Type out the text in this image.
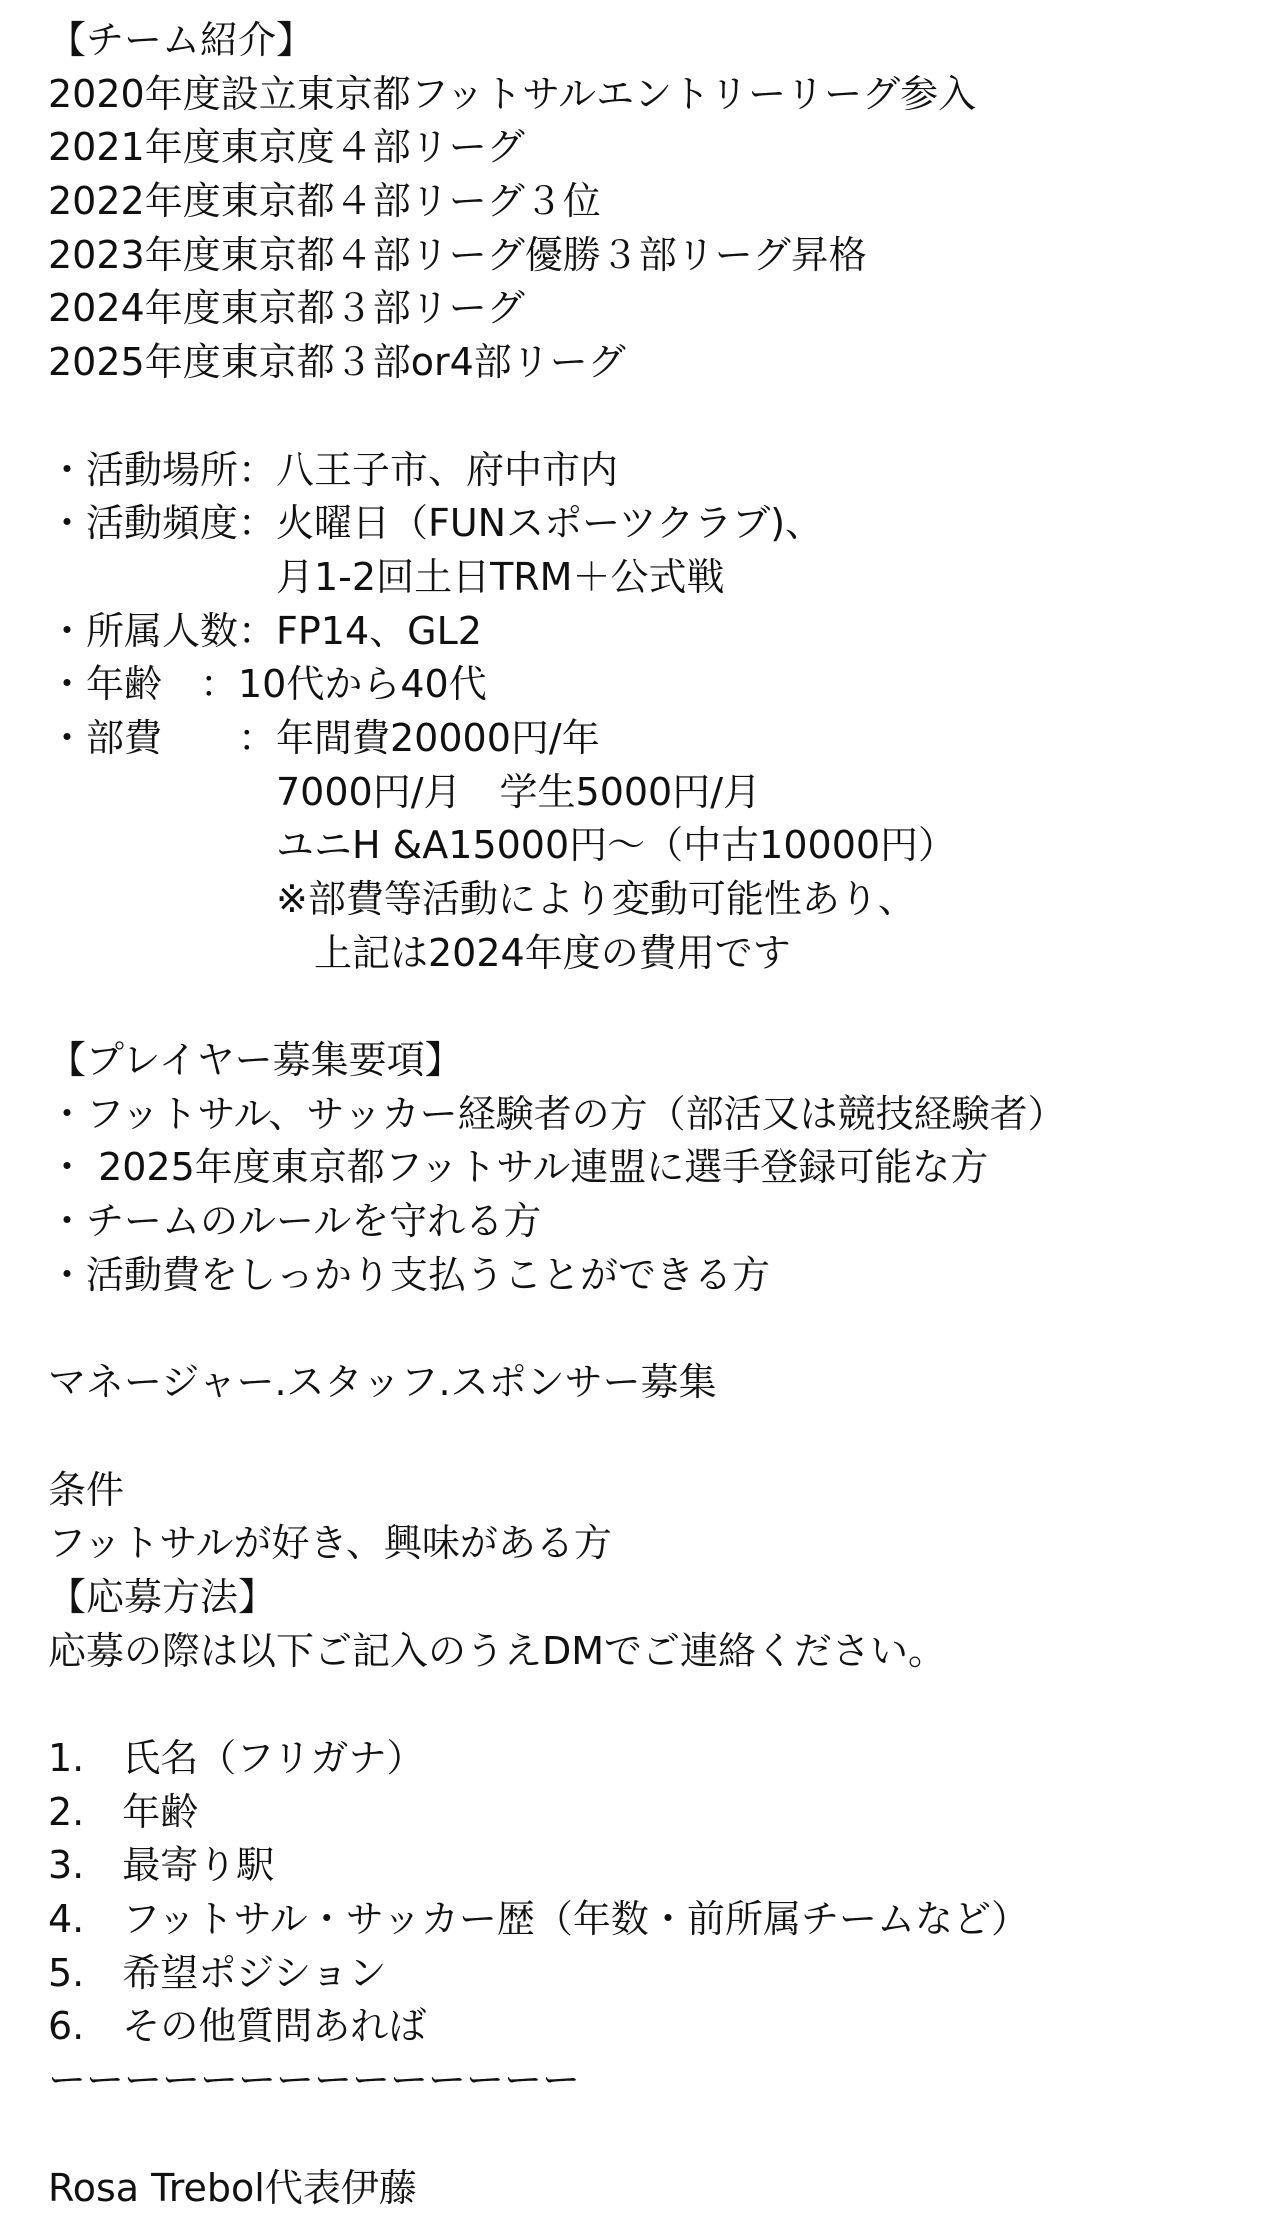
【チーム紹介】
2020年度設立東京都フットサルエントリーリーグ参入
2021年度東京度４部リーグ
2022年度東京都４部リーグ３位
2023年度東京都４部リーグ優勝３部リーグ昇格
2024年度東京都３部リーグ
2025年度東京都３部or4部リーグ
・活動場所：八王子市、府中市内
・活動頻度：火曜日（FUNスポーツクラブ)、
　　　　　　月1-2回土日TRM＋公式戦
・所属人数：FP14、GL2
・年齢　：10代から40代
・部費　　：年間費20000円/年
　　　　　　7000円/月　学生5000円/月
　　　　　　ユニH &A15000円〜（中古10000円）
　　　　　　※部費等活動により変動可能性あり、
　　　　　　　上記は2024年度の費用です
【プレイヤー募集要項】
・フットサル、サッカー経験者の方（部活又は競技経験者）
・ 2025年度東京都フットサル連盟に選手登録可能な方
・チームのルールを守れる方
・活動費をしっかり支払うことができる方
マネージャー.スタッフ.スポンサー募集
条件
フットサルが好き、興味がある方
【応募方法】
応募の際は以下ご記入のうえDMでご連絡ください。
1.　氏名（フリガナ）
2.　年齢
3.　最寄り駅
4.　フットサル・サッカー歴（年数・前所属チームなど）
5.　希望ポジション
6.　その他質問あれば
ーーーーーーーーーーーーーー
Rosa Trebol代表伊藤
